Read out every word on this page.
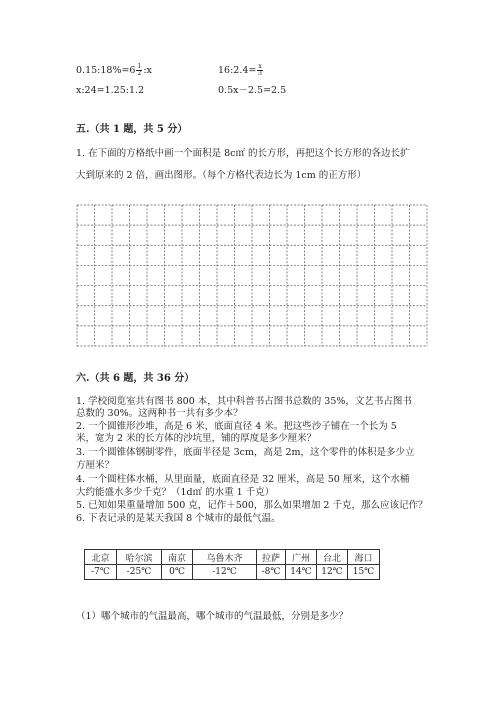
0.15:18%=6 $\frac{1}{2}$ :x	16:2.4= $\frac{x}{3}$
x:24=1.25:1.2	0.5x－2.5=2.5
五.（共 1 题，共 5 分）
1. 在下面的方格纸中画一个面积是 8c㎡ 的长方形，再把这个长方形的各边长扩
大到原来的 2 倍，画出图形。（每个方格代表边长为 1cm 的正方形）
六.（共 6 题，共 36 分）
1. 学校阅览室共有图书 800 本，其中科普书占图书总数的 35%，文艺书占图书
总数的 30%。这两种书一共有多少本？
2. 一个圆锥形沙堆，高是 6 米，底面直径 4 米。把这些沙子铺在一个长为 5
米，宽为 2 米的长方体的沙坑里，铺的厚度是多少厘米？
3. 一个圆锥体钢制零件，底面半径是 3cm，高是 2m，这个零件的体积是多少立
方厘米？
4. 一个圆柱体水桶，从里面量，底面直径是 32 厘米，高是 50 厘米，这个水桶
大约能盛水多少千克？（1d㎡ 的水重 1 千克）
5. 已知如果重量增加 500 克，记作＋500，那么如果增加 2 千克，那么应该记作？
6. 下表记录的是某天我国 8 个城市的最低气温。
北京	哈尔滨	南京	乌鲁木齐	拉萨	广州	台北	海口
-7℃	-25℃	0℃	-12℃	-8℃	14℃	12℃	15℃
（1）哪个城市的气温最高，哪个城市的气温最低，分别是多少？
